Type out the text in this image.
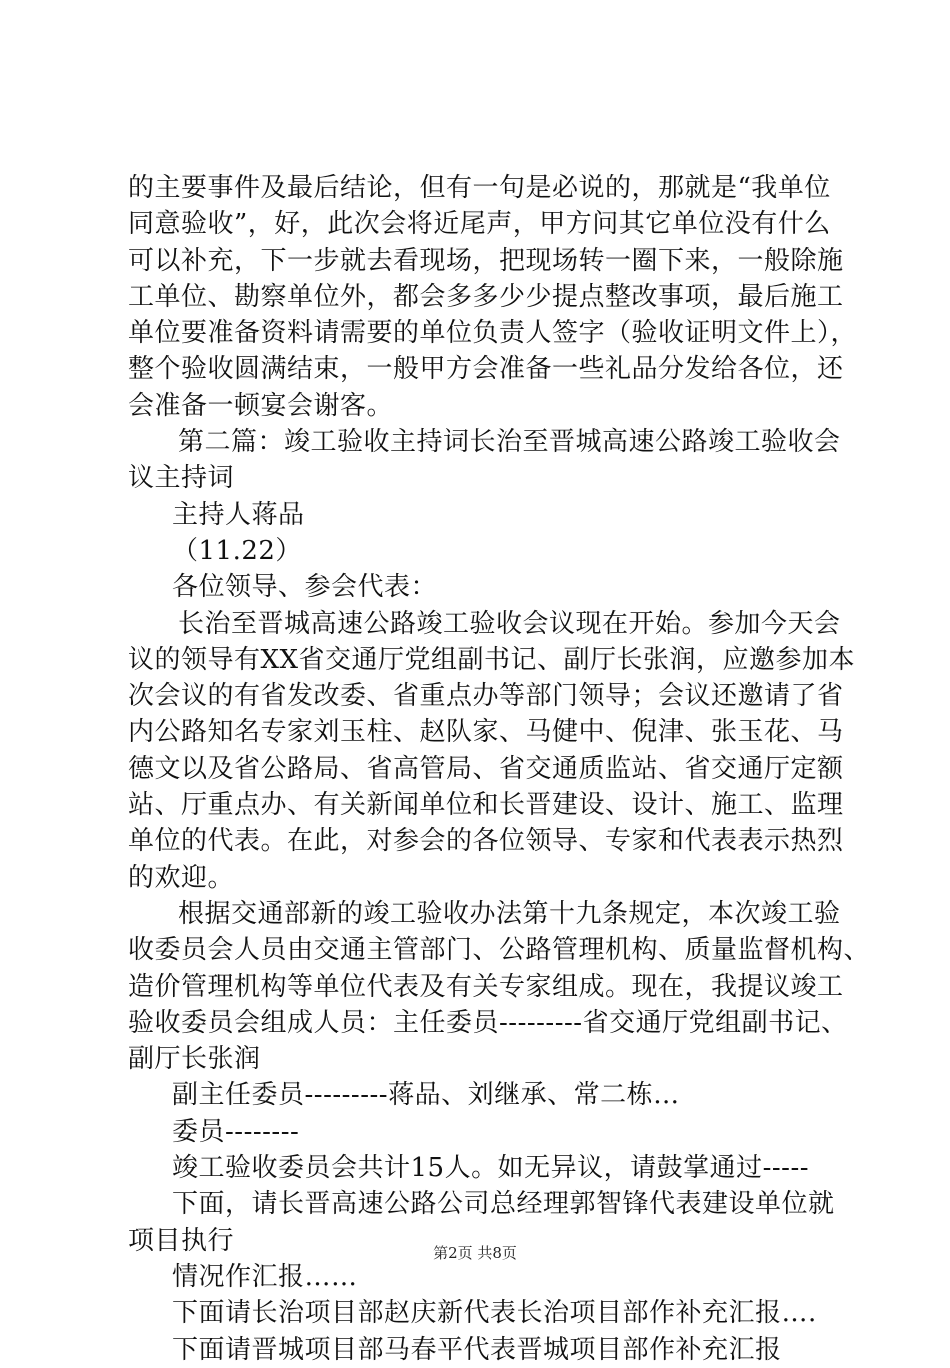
的主要事件及最后结论，但有一句是必说的，那就是“我单位
同意验收”，好，此次会将近尾声，甲方问其它单位没有什么
可以补充，下一步就去看现场，把现场转一圈下来，一般除施
工单位、勘察单位外，都会多多少少提点整改事项，最后施工
单位要准备资料请需要的单位负责人签字（验收证明文件上），
整个验收圆满结束，一般甲方会准备一些礼品分发给各位，还
会准备一顿宴会谢客。
第二篇：竣工验收主持词长治至晋城高速公路竣工验收会
议主持词
主持人蒋品
（11.22）
各位领导、参会代表：
长治至晋城高速公路竣工验收会议现在开始。参加今天会
议的领导有XX省交通厅党组副书记、副厅长张润，应邀参加本
次会议的有省发改委、省重点办等部门领导；会议还邀请了省
内公路知名专家刘玉柱、赵队家、马健中、倪津、张玉花、马
德文以及省公路局、省高管局、省交通质监站、省交通厅定额
站、厅重点办、有关新闻单位和长晋建设、设计、施工、监理
单位的代表。在此，对参会的各位领导、专家和代表表示热烈
的欢迎。
根据交通部新的竣工验收办法第十九条规定，本次竣工验
收委员会人员由交通主管部门、公路管理机构、质量监督机构、
造价管理机构等单位代表及有关专家组成。现在，我提议竣工
验收委员会组成人员：主任委员---------省交通厅党组副书记、
副厅长张润
副主任委员---------蒋品、刘继承、常二栋…
委员--------
竣工验收委员会共计15人。如无异议，请鼓掌通过-----
下面，请长晋高速公路公司总经理郭智锋代表建设单位就
项目执行
情况作汇报……
下面请长治项目部赵庆新代表长治项目部作补充汇报….
下面请晋城项目部马春平代表晋城项目部作补充汇报
第2页 共8页
